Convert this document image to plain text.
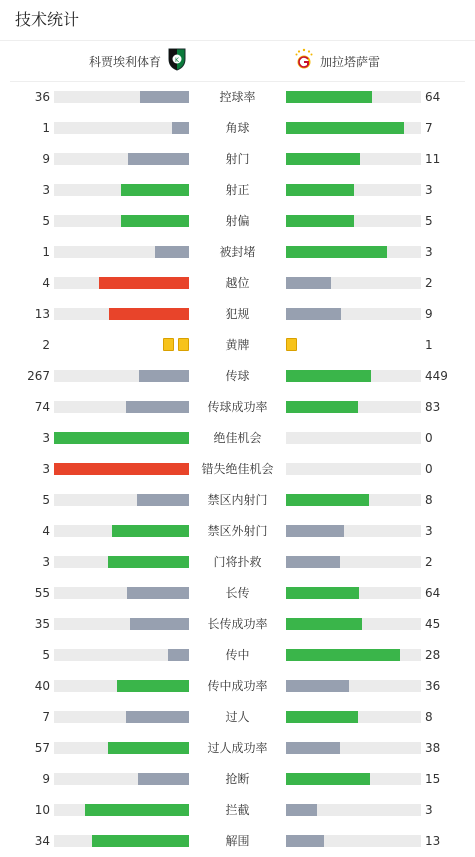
技术统计
科贾埃利体育 K	加拉塔萨雷
36	控球率	64
1	角球	7
9	射门	11
3	射正	3
5	射偏	5
1	被封堵	3
4	越位	2
13	犯规	9
2	黄牌	1
267	传球	449
74	传球成功率	83
3	绝佳机会	0
3	错失绝佳机会	0
5	禁区内射门	8
4	禁区外射门	3
3	门将扑救	2
55	长传	64
35	长传成功率	45
5	传中	28
40	传中成功率	36
7	过人	8
57	过人成功率	38
9	抢断	15
10	拦截	3
34	解围	13
